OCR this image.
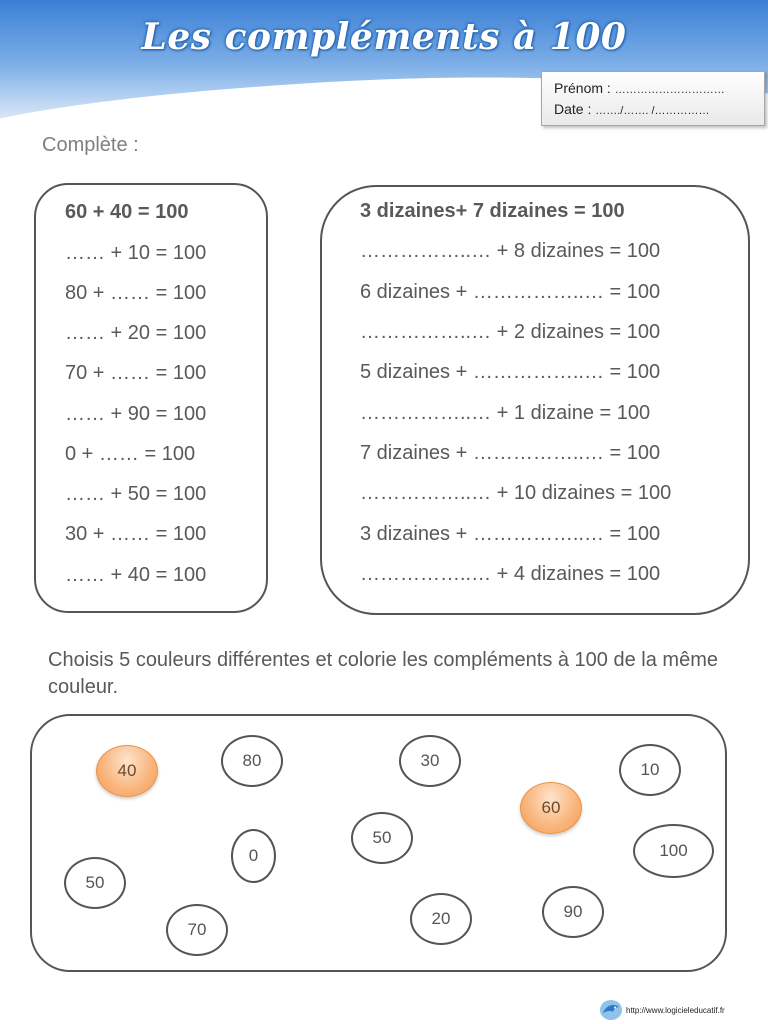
Les compléments à 100
Prénom : …………………………
Date : ……./……. /……………
Complète :
60 + 40 = 100
…… + 10 = 100
80 + …… = 100
…… + 20 = 100
70 + …… = 100
…… + 90 = 100
0 + …… = 100
…… + 50 = 100
30 + …… = 100
…… + 40 = 100
3 dizaines+ 7 dizaines = 100
……………..… + 8 dizaines = 100
6 dizaines + ……………..… = 100
……………..… + 2 dizaines = 100
5 dizaines + ……………..… = 100
……………..… + 1 dizaine = 100
7 dizaines + ……………..… = 100
……………..… + 10 dizaines = 100
3 dizaines + ……………..… = 100
……………..… + 4 dizaines = 100
Choisis 5 couleurs différentes et colorie les compléments à 100 de la même couleur.
40
80	30	10
60
50
0	100
50
20	90
70
http://www.logicieleducatif.fr
